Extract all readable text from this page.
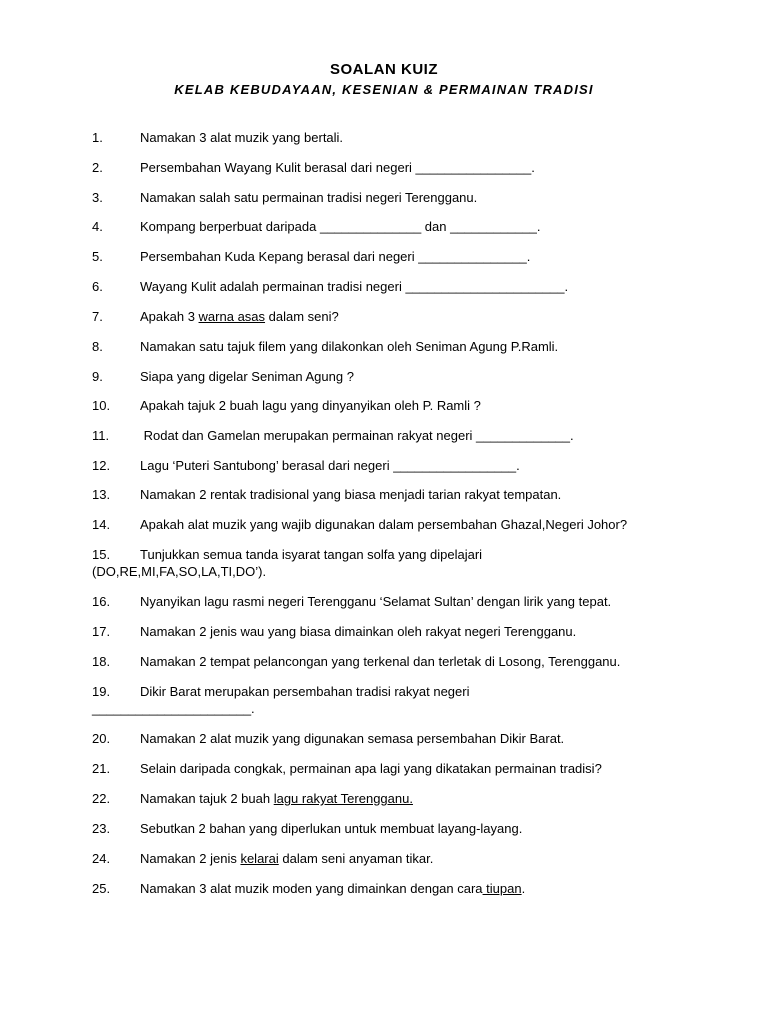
SOALAN KUIZ
KELAB KEBUDAYAAN, KESENIAN & PERMAINAN TRADISI
1.	Namakan 3 alat muzik yang bertali.
2.	Persembahan Wayang Kulit berasal dari negeri ________________.
3.	Namakan salah satu permainan tradisi negeri Terengganu.
4.	Kompang berperbuat daripada ______________ dan ____________.
5.	Persembahan Kuda Kepang berasal dari negeri _______________.
6.	Wayang Kulit adalah permainan tradisi negeri ______________________.
7.	Apakah 3 warna asas dalam seni?
8.	Namakan satu tajuk filem yang dilakonkan oleh Seniman Agung P.Ramli.
9.	Siapa yang digelar Seniman Agung ?
10. Apakah tajuk 2 buah lagu yang dinyanyikan oleh P. Ramli ?
11. Rodat dan Gamelan merupakan permainan rakyat negeri _____________.
12. Lagu ‘Puteri Santubong’ berasal dari negeri _________________.
13. Namakan 2 rentak tradisional yang biasa menjadi tarian rakyat tempatan.
14. Apakah alat muzik yang wajib digunakan dalam persembahan Ghazal,Negeri Johor?
15. Tunjukkan semua tanda isyarat tangan solfa yang dipelajari
(DO,RE,MI,FA,SO,LA,TI,DO’).
16. Nyanyikan lagu rasmi negeri Terengganu ‘Selamat Sultan’ dengan lirik yang tepat.
17. Namakan 2 jenis wau yang biasa dimainkan oleh rakyat negeri Terengganu.
18. Namakan 2 tempat pelancongan yang terkenal dan terletak di Losong, Terengganu.
19. Dikir Barat merupakan persembahan tradisi rakyat negeri
______________________.
20. Namakan 2 alat muzik yang digunakan semasa persembahan Dikir Barat.
21. Selain daripada congkak, permainan apa lagi yang dikatakan permainan tradisi?
22. Namakan tajuk 2 buah lagu rakyat Terengganu.
23. Sebutkan 2 bahan yang diperlukan untuk membuat layang-layang.
24. Namakan 2 jenis kelarai dalam seni anyaman tikar.
25. Namakan 3 alat muzik moden yang dimainkan dengan cara tiupan.
